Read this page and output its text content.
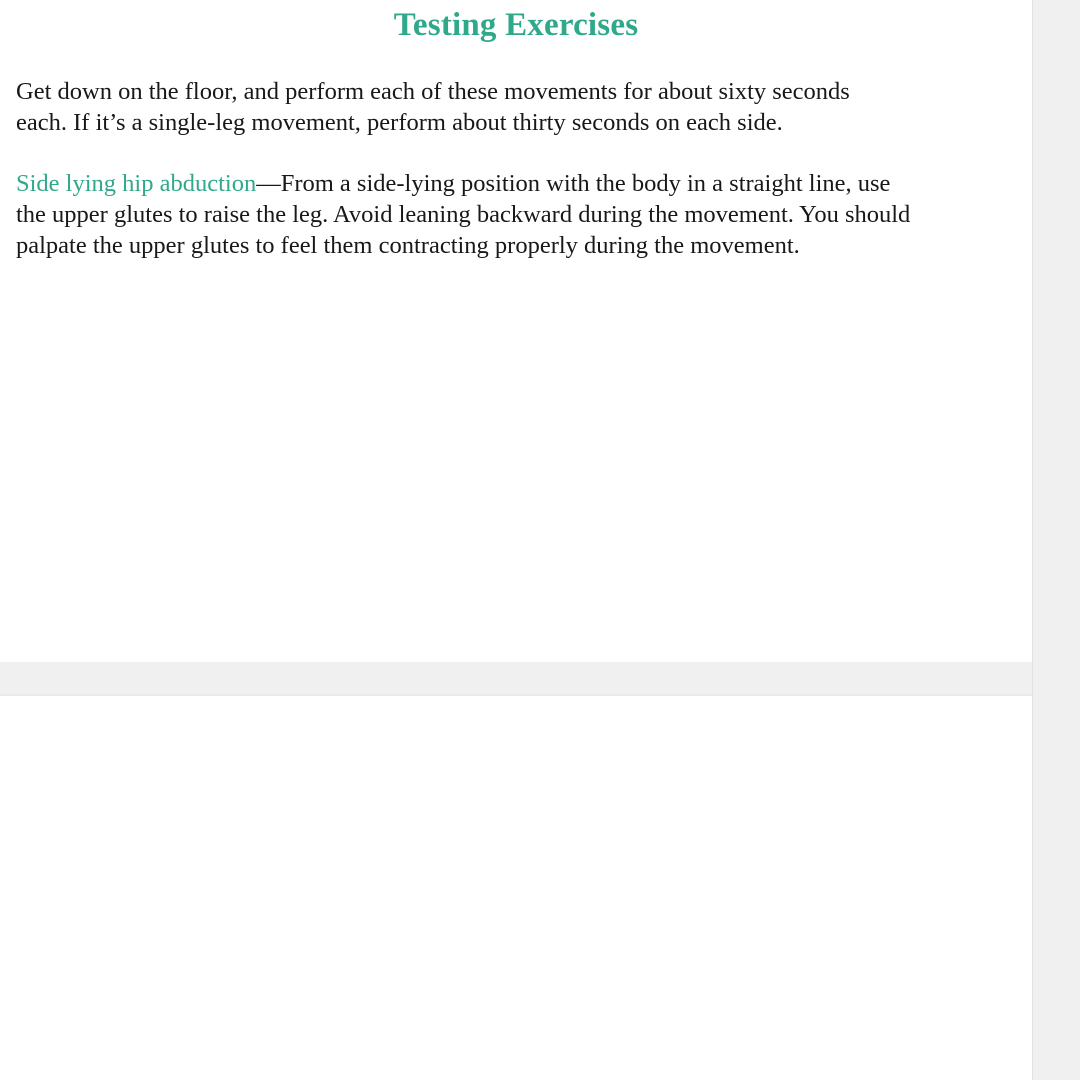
Testing Exercises

Get down on the floor, and perform each of these movements for about sixty seconds each. If it’s a single-leg movement, perform about thirty seconds on each side.

Side lying hip abduction—From a side-lying position with the body in a straight line, use the upper glutes to raise the leg. Avoid leaning backward during the movement. You should palpate the upper glutes to feel them contracting properly during the movement.
